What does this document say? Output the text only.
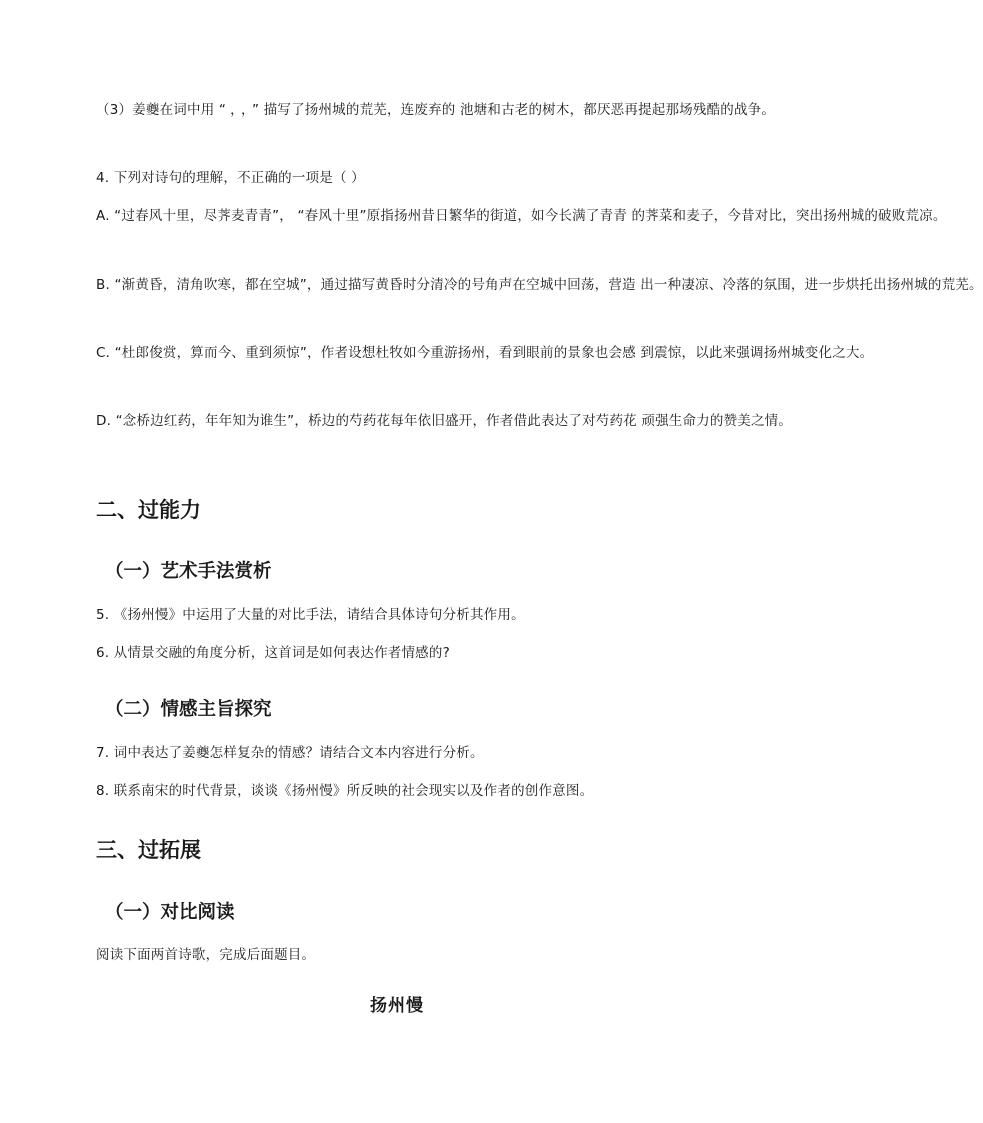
（3）姜夔在词中用 “ ， ， ” 描写了扬州城的荒芜，连废弃的 池塘和古老的树木，都厌恶再提起那场残酷的战争。
4. 下列对诗句的理解，不正确的一项是（ ）
A. “过春风十里，尽荠麦青青”， “春风十里”原指扬州昔日繁华的街道，如今长满了青青 的荠菜和麦子，今昔对比，突出扬州城的破败荒凉。
B. “渐黄昏，清角吹寒，都在空城”，通过描写黄昏时分清冷的号角声在空城中回荡，营造 出一种凄凉、冷落的氛围，进一步烘托出扬州城的荒芜。
C. “杜郎俊赏，算而今、重到须惊”，作者设想杜牧如今重游扬州，看到眼前的景象也会感 到震惊，以此来强调扬州城变化之大。
D. “念桥边红药，年年知为谁生”，桥边的芍药花每年依旧盛开，作者借此表达了对芍药花 顽强生命力的赞美之情。
二、过能力
（一）艺术手法赏析
5. 《扬州慢》中运用了大量的对比手法，请结合具体诗句分析其作用。
6. 从情景交融的角度分析，这首词是如何表达作者情感的?
（二）情感主旨探究
7. 词中表达了姜夔怎样复杂的情感？请结合文本内容进行分析。
8. 联系南宋的时代背景，谈谈《扬州慢》所反映的社会现实以及作者的创作意图。
三、过拓展
（一）对比阅读
阅读下面两首诗歌，完成后面题目。
扬州慢
